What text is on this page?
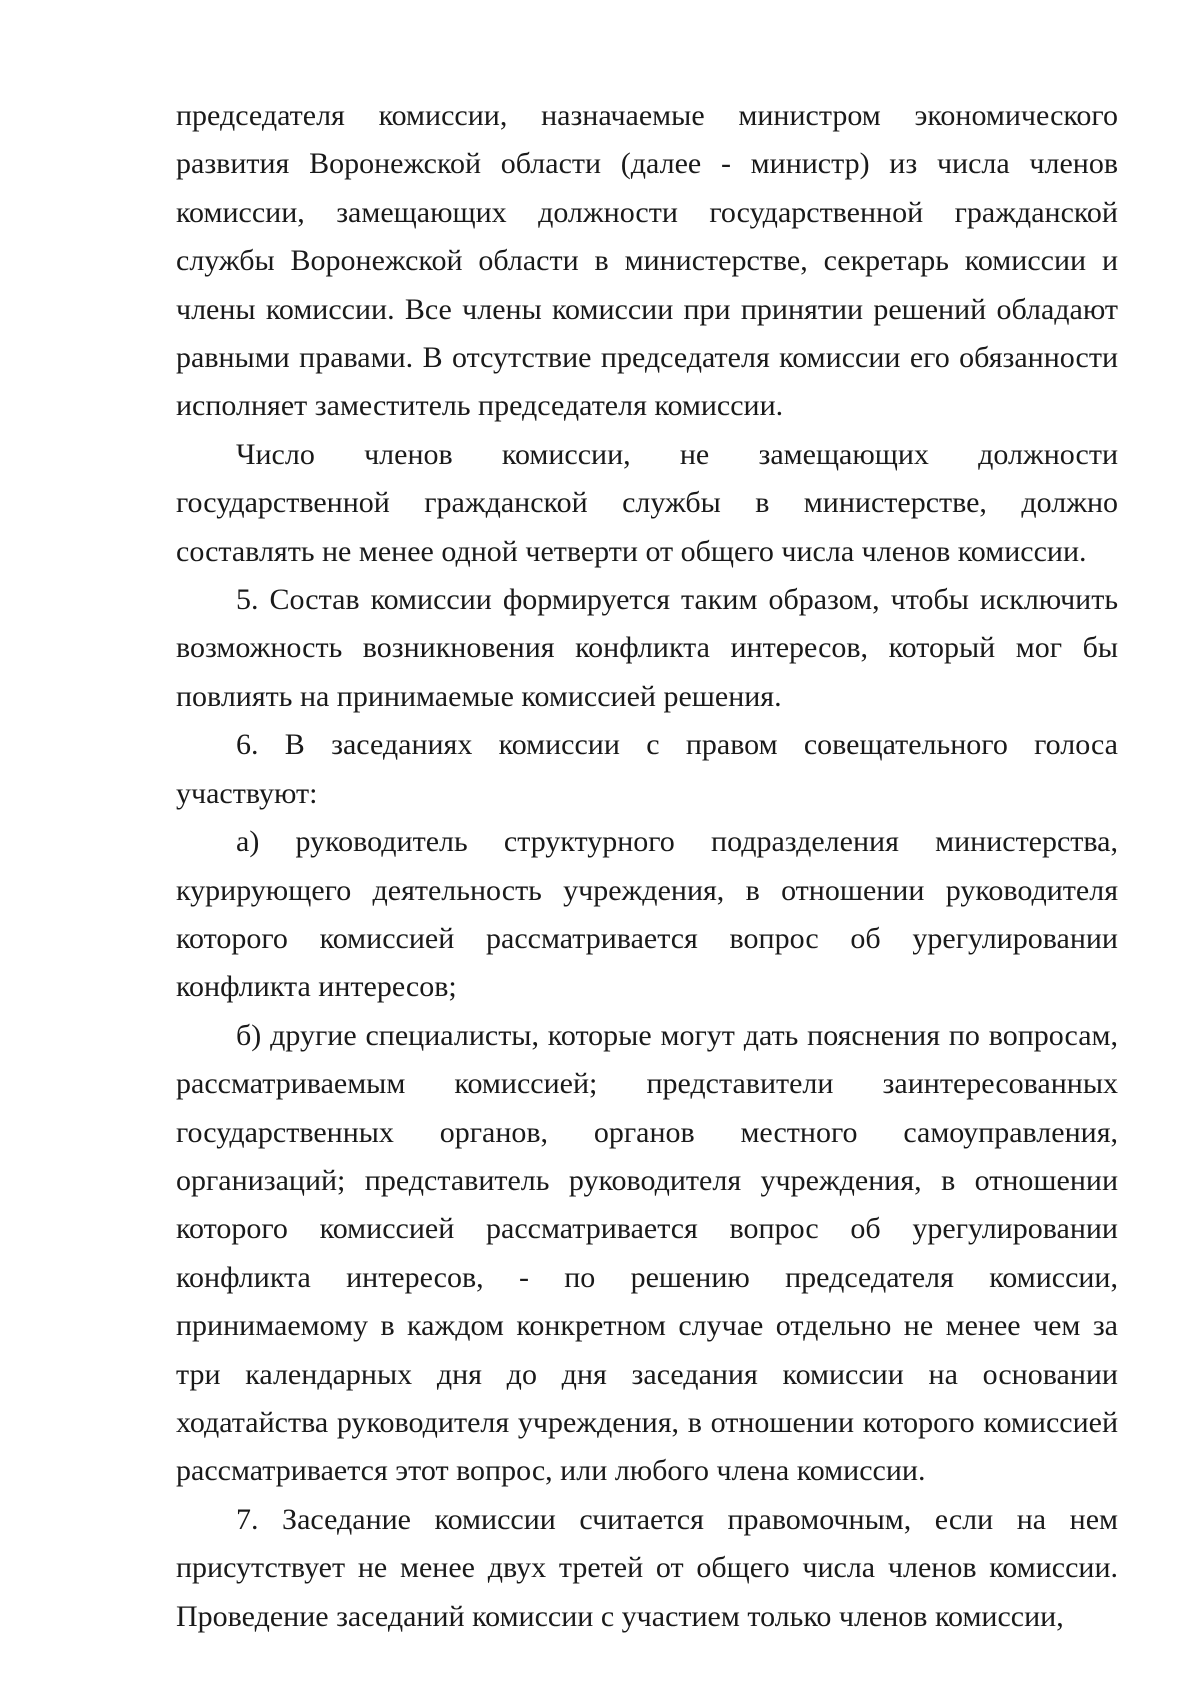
председателя комиссии, назначаемые министром экономического развития Воронежской области (далее - министр) из числа членов комиссии, замещающих должности государственной гражданской службы Воронежской области в министерстве, секретарь комиссии и члены комиссии. Все члены комиссии при принятии решений обладают равными правами. В отсутствие председателя комиссии его обязанности исполняет заместитель председателя комиссии.

Число членов комиссии, не замещающих должности государственной гражданской службы в министерстве, должно составлять не менее одной четверти от общего числа членов комиссии.

5. Состав комиссии формируется таким образом, чтобы исключить возможность возникновения конфликта интересов, который мог бы повлиять на принимаемые комиссией решения.

6. В заседаниях комиссии с правом совещательного голоса участвуют:

а) руководитель структурного подразделения министерства, курирующего деятельность учреждения, в отношении руководителя которого комиссией рассматривается вопрос об урегулировании конфликта интересов;

б) другие специалисты, которые могут дать пояснения по вопросам, рассматриваемым комиссией; представители заинтересованных государственных органов, органов местного самоуправления, организаций; представитель руководителя учреждения, в отношении которого комиссией рассматривается вопрос об урегулировании конфликта интересов, - по решению председателя комиссии, принимаемому в каждом конкретном случае отдельно не менее чем за три календарных дня до дня заседания комиссии на основании ходатайства руководителя учреждения, в отношении которого комиссией рассматривается этот вопрос, или любого члена комиссии.

7. Заседание комиссии считается правомочным, если на нем присутствует не менее двух третей от общего числа членов комиссии. Проведение заседаний комиссии с участием только членов комиссии,
